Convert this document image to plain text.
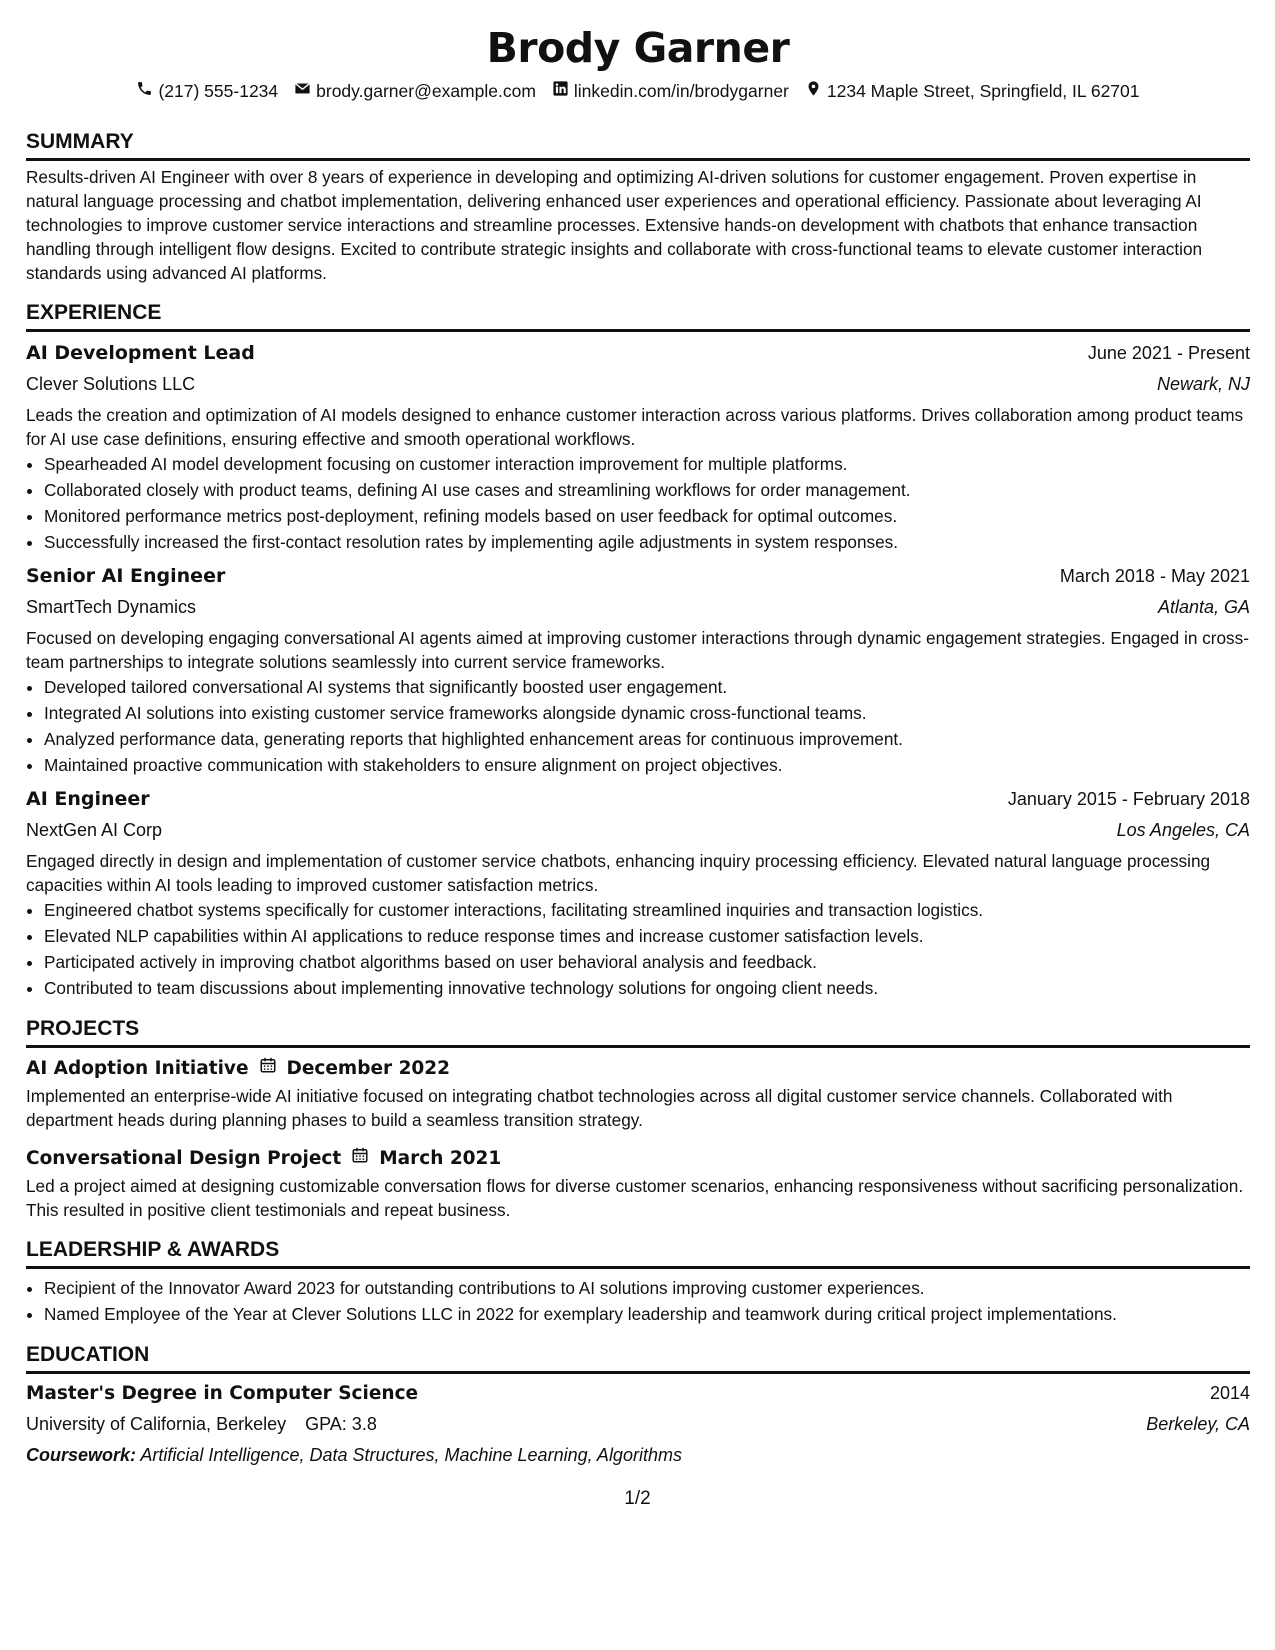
Brody Garner
(217) 555-1234 brody.garner@example.com linkedin.com/in/brodygarner 1234 Maple Street, Springfield, IL 62701
SUMMARY

Results-driven AI Engineer with over 8 years of experience in developing and optimizing AI-driven solutions for customer engagement. Proven expertise in natural language processing and chatbot implementation, delivering enhanced user experiences and operational efficiency. Passionate about leveraging AI technologies to improve customer service interactions and streamline processes. Extensive hands-on development with chatbots that enhance transaction handling through intelligent flow designs. Excited to contribute strategic insights and collaborate with cross-functional teams to elevate customer interaction standards using advanced AI platforms.

EXPERIENCE
AI Development Lead	June 2021 - Present
Clever Solutions LLC	Newark, NJ

Leads the creation and optimization of AI models designed to enhance customer interaction across various platforms. Drives collaboration among product teams for AI use case definitions, ensuring effective and smooth operational workflows.

• Spearheaded AI model development focusing on customer interaction improvement for multiple platforms.
• Collaborated closely with product teams, defining AI use cases and streamlining workflows for order management.
• Monitored performance metrics post-deployment, refining models based on user feedback for optimal outcomes.
• Successfully increased the first-contact resolution rates by implementing agile adjustments in system responses.
Senior AI Engineer	March 2018 - May 2021
SmartTech Dynamics	Atlanta, GA

Focused on developing engaging conversational AI agents aimed at improving customer interactions through dynamic engagement strategies. Engaged in cross-team partnerships to integrate solutions seamlessly into current service frameworks.

• Developed tailored conversational AI systems that significantly boosted user engagement.
• Integrated AI solutions into existing customer service frameworks alongside dynamic cross-functional teams.
• Analyzed performance data, generating reports that highlighted enhancement areas for continuous improvement.
• Maintained proactive communication with stakeholders to ensure alignment on project objectives.
AI Engineer	January 2015 - February 2018
NextGen AI Corp	Los Angeles, CA

Engaged directly in design and implementation of customer service chatbots, enhancing inquiry processing efficiency. Elevated natural language processing capacities within AI tools leading to improved customer satisfaction metrics.

• Engineered chatbot systems specifically for customer interactions, facilitating streamlined inquiries and transaction logistics.
• Elevated NLP capabilities within AI applications to reduce response times and increase customer satisfaction levels.
• Participated actively in improving chatbot algorithms based on user behavioral analysis and feedback.
• Contributed to team discussions about implementing innovative technology solutions for ongoing client needs.
PROJECTS
AI Adoption Initiative December 2022

Implemented an enterprise-wide AI initiative focused on integrating chatbot technologies across all digital customer service channels. Collaborated with department heads during planning phases to build a seamless transition strategy.

Conversational Design Project March 2021

Led a project aimed at designing customizable conversation flows for diverse customer scenarios, enhancing responsiveness without sacrificing personalization. This resulted in positive client testimonials and repeat business.

LEADERSHIP & AWARDS
• Recipient of the Innovator Award 2023 for outstanding contributions to AI solutions improving customer experiences.
• Named Employee of the Year at Clever Solutions LLC in 2022 for exemplary leadership and teamwork during critical project implementations.
EDUCATION
Master's Degree in Computer Science	2014
University of California, Berkeley GPA: 3.8	Berkeley, CA
Coursework: Artificial Intelligence, Data Structures, Machine Learning, Algorithms
1/2
